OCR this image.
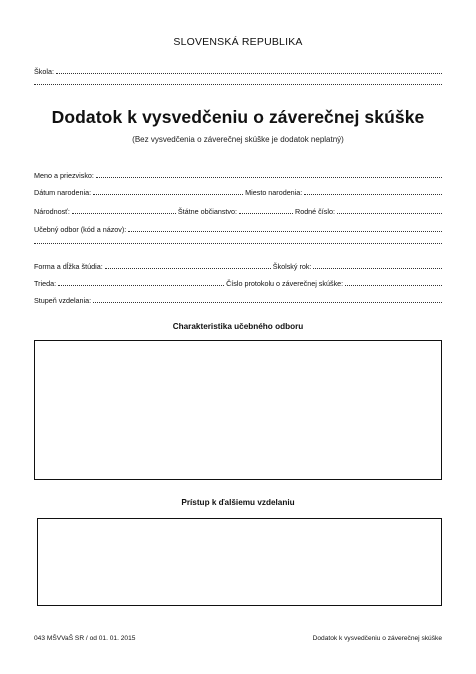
SLOVENSKÁ REPUBLIKA
Škola:
Dodatok k vysvedčeniu o záverečnej skúške
(Bez vysvedčenia o záverečnej skúške je dodatok neplatný)
Meno a priezvisko:
Dátum narodenia:	Miesto narodenia:
Národnosť:	Štátne občianstvo:	Rodné číslo:
Učebný odbor (kód a názov):
Forma a dĺžka štúdia:	Školský rok:
Trieda:	Číslo protokolu o záverečnej skúške:
Stupeň vzdelania:
Charakteristika učebného odboru
Prístup k ďalšiemu vzdelaniu
043 MŠVVaŠ SR / od 01. 01. 2015	Dodatok k vysvedčeniu o záverečnej skúške
